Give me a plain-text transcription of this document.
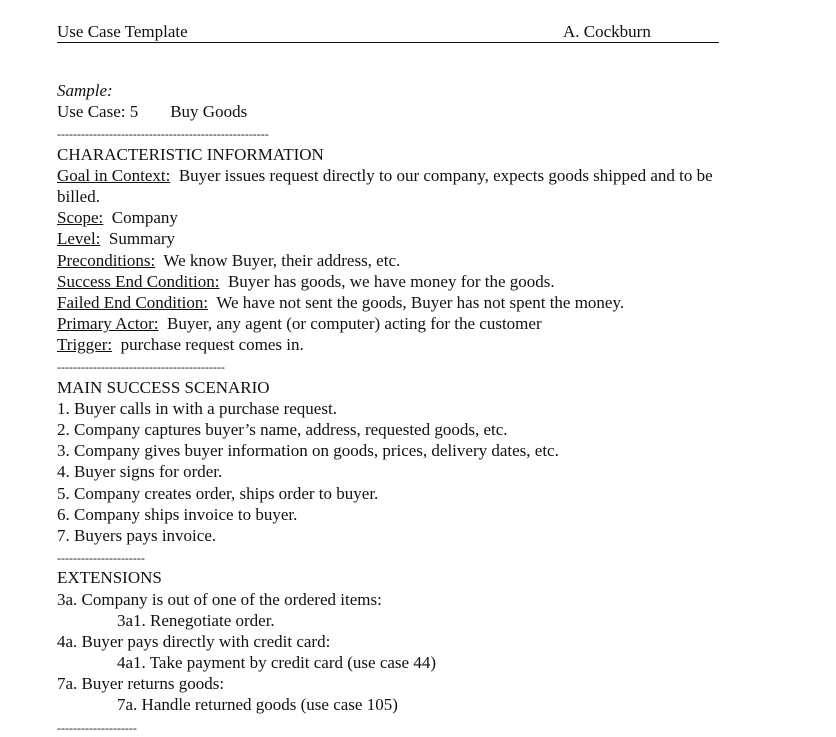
Use Case Template	A. Cockburn
Sample:
Use Case: 5 Buy Goods
-----------------------------------------------------
CHARACTERISTIC INFORMATION
Goal in Context: Buyer issues request directly to our company, expects goods shipped and to be billed.
Scope: Company
Level: Summary
Preconditions: We know Buyer, their address, etc.
Success End Condition: Buyer has goods, we have money for the goods.
Failed End Condition: We have not sent the goods, Buyer has not spent the money.
Primary Actor: Buyer, any agent (or computer) acting for the customer
Trigger: purchase request comes in.
------------------------------------------
MAIN SUCCESS SCENARIO
1. Buyer calls in with a purchase request.
2. Company captures buyer’s name, address, requested goods, etc.
3. Company gives buyer information on goods, prices, delivery dates, etc.
4. Buyer signs for order.
5. Company creates order, ships order to buyer.
6. Company ships invoice to buyer.
7. Buyers pays invoice.
----------------------
EXTENSIONS
3a. Company is out of one of the ordered items:
3a1. Renegotiate order.
4a. Buyer pays directly with credit card:
4a1. Take payment by credit card (use case 44)
7a. Buyer returns goods:
7a. Handle returned goods (use case 105)
--------------------
